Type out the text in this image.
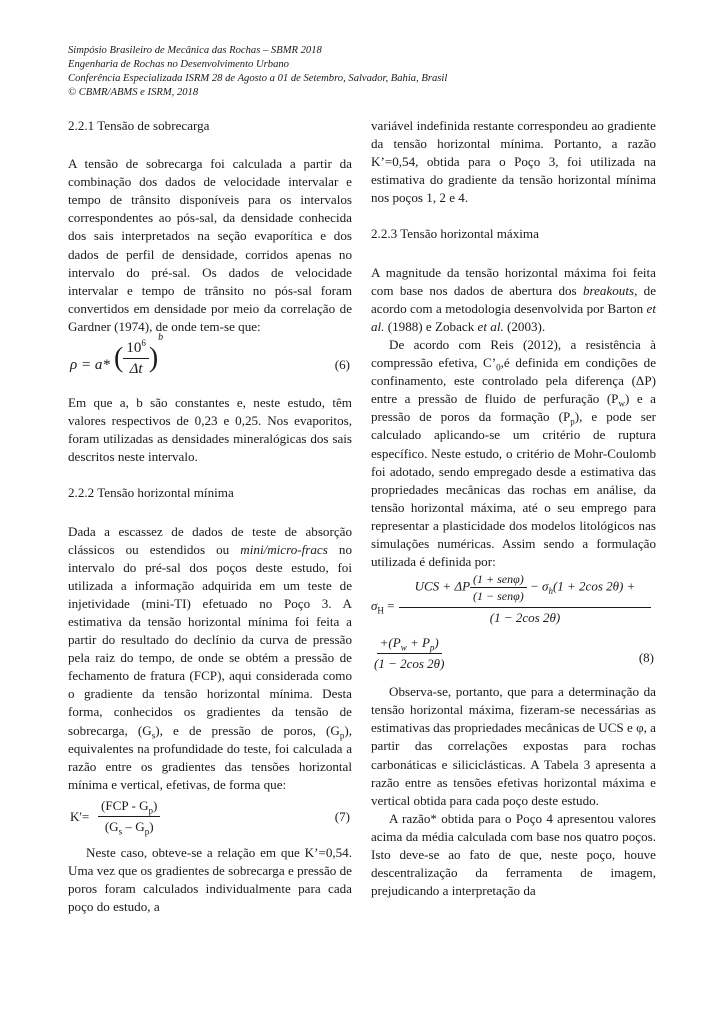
Simpósio Brasileiro de Mecânica das Rochas – SBMR 2018
Engenharia de Rochas no Desenvolvimento Urbano
Conferência Especializada ISRM 28 de Agosto a 01 de Setembro, Salvador, Bahia, Brasil
© CBMR/ABMS e ISRM, 2018
2.2.1 Tensão de sobrecarga

A tensão de sobrecarga foi calculada a partir da combinação dos dados de velocidade intervalar e tempo de trânsito disponíveis para os intervalos correspondentes ao pós-sal, da densidade conhecida dos sais interpretados na seção evaporítica e dos dados de perfil de densidade, corridos apenas no intervalo do pré-sal. Os dados de velocidade intervalar e tempo de trânsito no pós-sal foram convertidos em densidade por meio da correlação de Gardner (1974), de onde tem-se que:

ρ = a* ( $\frac{10^6}{\Delta t} )^b$
(6)

Em que a, b são constantes e, neste estudo, têm valores respectivos de 0,23 e 0,25. Nos evaporitos, foram utilizadas as densidades mineralógicas dos sais descritos neste intervalo.

2.2.2 Tensão horizontal mínima

Dada a escassez de dados de teste de absorção clássicos ou estendidos ou mini/micro-fracs no intervalo do pré-sal dos poços deste estudo, foi utilizada a informação adquirida em um teste de injetividade (mini-TI) efetuado no Poço 3. A estimativa da tensão horizontal mínima foi feita a partir do resultado do declínio da curva de pressão pela raiz do tempo, de onde se obtém a pressão de fechamento de fratura (FCP), aqui considerada como o gradiente da tensão horizontal mínima. Desta forma, conhecidos os gradientes da tensão de sobrecarga, $(G_s)$, e de pressão de poros, $(G_p)$, equivalentes na profundidade do teste, foi calculada a razão entre os gradientes das tensões horizontal mínima e vertical, efetivas, de forma que:

K'=
$(FCP - G_p)$
$(G_s - G_p)$
(7)

Neste caso, obteve-se a relação em que K’=0,54. Uma vez que os gradientes de sobrecarga e pressão de poros foram calculados individualmente para cada poço do estudo, a

variável indefinida restante correspondeu ao gradiente da tensão horizontal mínima. Portanto, a razão K’=0,54, obtida para o Poço 3, foi utilizada na estimativa do gradiente da tensão horizontal mínima nos poços 1, 2 e 4.

2.2.3 Tensão horizontal máxima

A magnitude da tensão horizontal máxima foi feita com base nos dados de abertura dos breakouts, de acordo com a metodologia desenvolvida por Barton et al. (1988) e Zoback et al. (2003).

De acordo com Reis (2012), a resistência à compressão efetiva, $C’_0,é$ definida em condições de confinamento, este controlado pela diferença (ΔP) entre a pressão de fluido de perfuração $(P_w)$ e a pressão de poros da formação $(P_p)$, e pode ser calculado aplicando-se um critério de ruptura específico. Neste estudo, o critério de Mohr-Coulomb foi adotado, sendo empregado desde a estimativa das propriedades mecânicas das rochas em análise, da tensão horizontal máxima, até o seu emprego para representar a plasticidade dos modelos litológicos nas simulações numéricas. Assim sendo a formulação utilizada é definida por:

$\sigma_H$ =
UCS + ΔP $\frac{\text{(1 + senφ)}}{\text{(1 − senφ)}} - \sigma_h(1 + 2\cos$ 2θ) +
(1 − 2cos 2θ)
$\frac{+(P_w + P_p)}{(1 - 2\cos 2\theta)}$	(8)

Observa-se, portanto, que para a determinação da tensão horizontal máxima, fizeram-se necessárias as estimativas das propriedades mecânicas de UCS e φ, a partir das correlações expostas para rochas carbonáticas e siliciclásticas. A Tabela 3 apresenta a razão entre as tensões efetivas horizontal máxima e vertical obtida para cada poço deste estudo.

A razão* obtida para o Poço 4 apresentou valores acima da média calculada com base nos quatro poços. Isto deve-se ao fato de que, neste poço, houve descentralização da ferramenta de imagem, prejudicando a interpretação da
